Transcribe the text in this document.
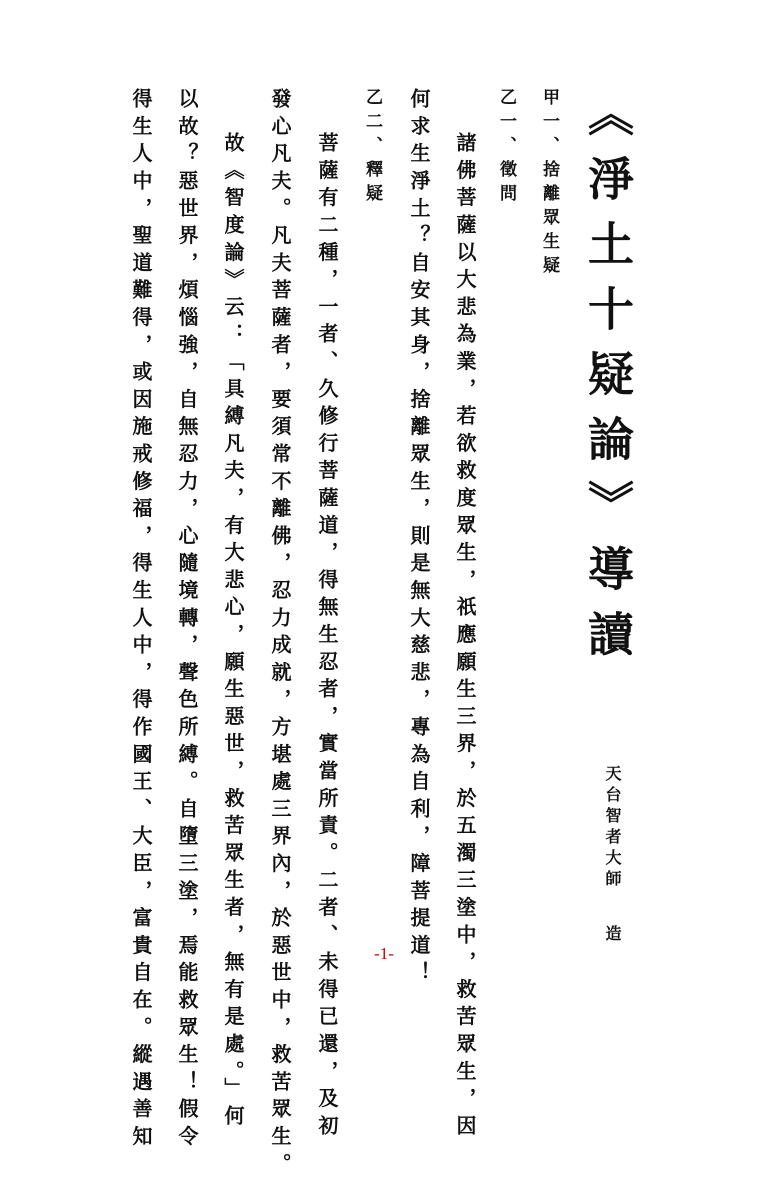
《淨土十疑論》導讀
天台智者大師造
甲一、捨離眾生疑
乙一、徵問
諸佛菩薩以大悲為業，若欲救度眾生，祇應願生三界，於五濁三塗中，救苦眾生，因
何求生淨土？自安其身，捨離眾生，則是無大慈悲，專為自利，障菩提道！
乙二、釋疑
菩薩有二種，一者、久修行菩薩道，得無生忍者，實當所責。二者、未得已還，及初
發心凡夫。凡夫菩薩者，要須常不離佛，忍力成就，方堪處三界內，於惡世中，救苦眾生。
故《智度論》云：「具縛凡夫，有大悲心，願生惡世，救苦眾生者，無有是處。」何
以故？惡世界，煩惱強，自無忍力，心隨境轉，聲色所縛。自墮三塗，焉能救眾生！假令
得生人中，聖道難得，或因施戒修福，得生人中，得作國王、大臣，富貴自在。縱遇善知	-1-
